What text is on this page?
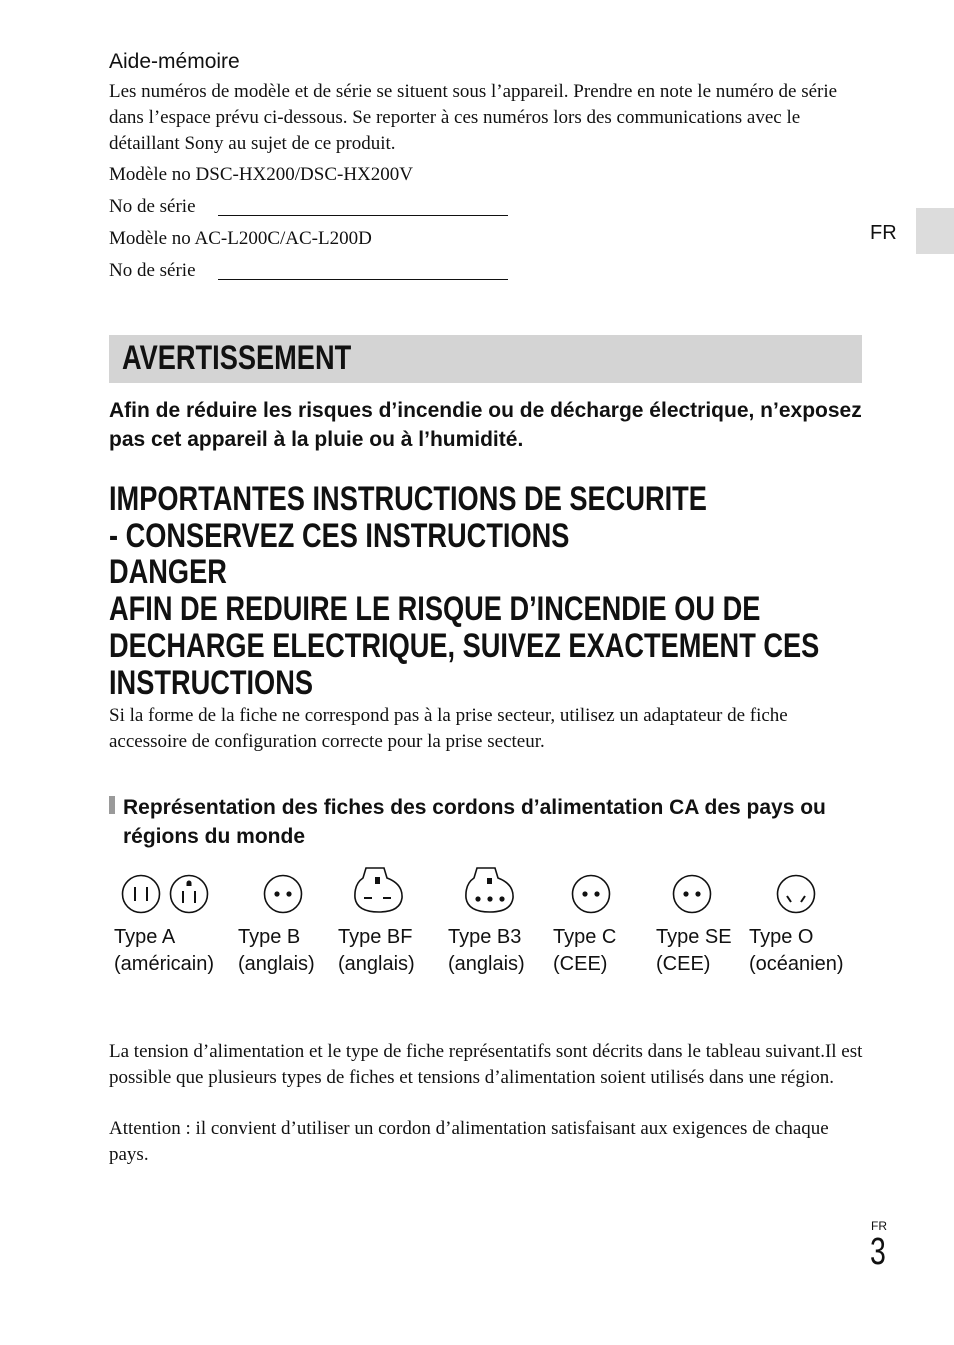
Aide-mémoire
Les numéros de modèle et de série se situent sous l’appareil. Prendre en note le numéro de série dans l’espace prévu ci-dessous. Se reporter à ces numéros lors des communications avec le détaillant Sony au sujet de ce produit.
Modèle no DSC-HX200/DSC-HX200V
No de série
Modèle no AC-L200C/AC-L200D
No de série
FR
AVERTISSEMENT
Afin de réduire les risques d’incendie ou de décharge électrique, n’exposez pas cet appareil à la pluie ou à l’humidité.
IMPORTANTES INSTRUCTIONS DE SECURITE
- CONSERVEZ CES INSTRUCTIONS
DANGER
AFIN DE REDUIRE LE RISQUE D’INCENDIE OU DE
DECHARGE ELECTRIQUE, SUIVEZ EXACTEMENT CES
INSTRUCTIONS
Si la forme de la fiche ne correspond pas à la prise secteur, utilisez un adaptateur de fiche accessoire de configuration correcte pour la prise secteur.
Représentation des fiches des cordons d’alimentation CA des pays ou régions du monde
Type A
(américain)
Type B
(anglais)
Type BF
(anglais)
Type B3
(anglais)
Type C
(CEE)
Type SE
(CEE)
Type O
(océanien)
La tension d’alimentation et le type de fiche représentatifs sont décrits dans le tableau suivant.Il est possible que plusieurs types de fiches et tensions d’alimentation soient utilisés dans une région.
Attention : il convient d’utiliser un cordon d’alimentation satisfaisant aux exigences de chaque pays.
FR
3
